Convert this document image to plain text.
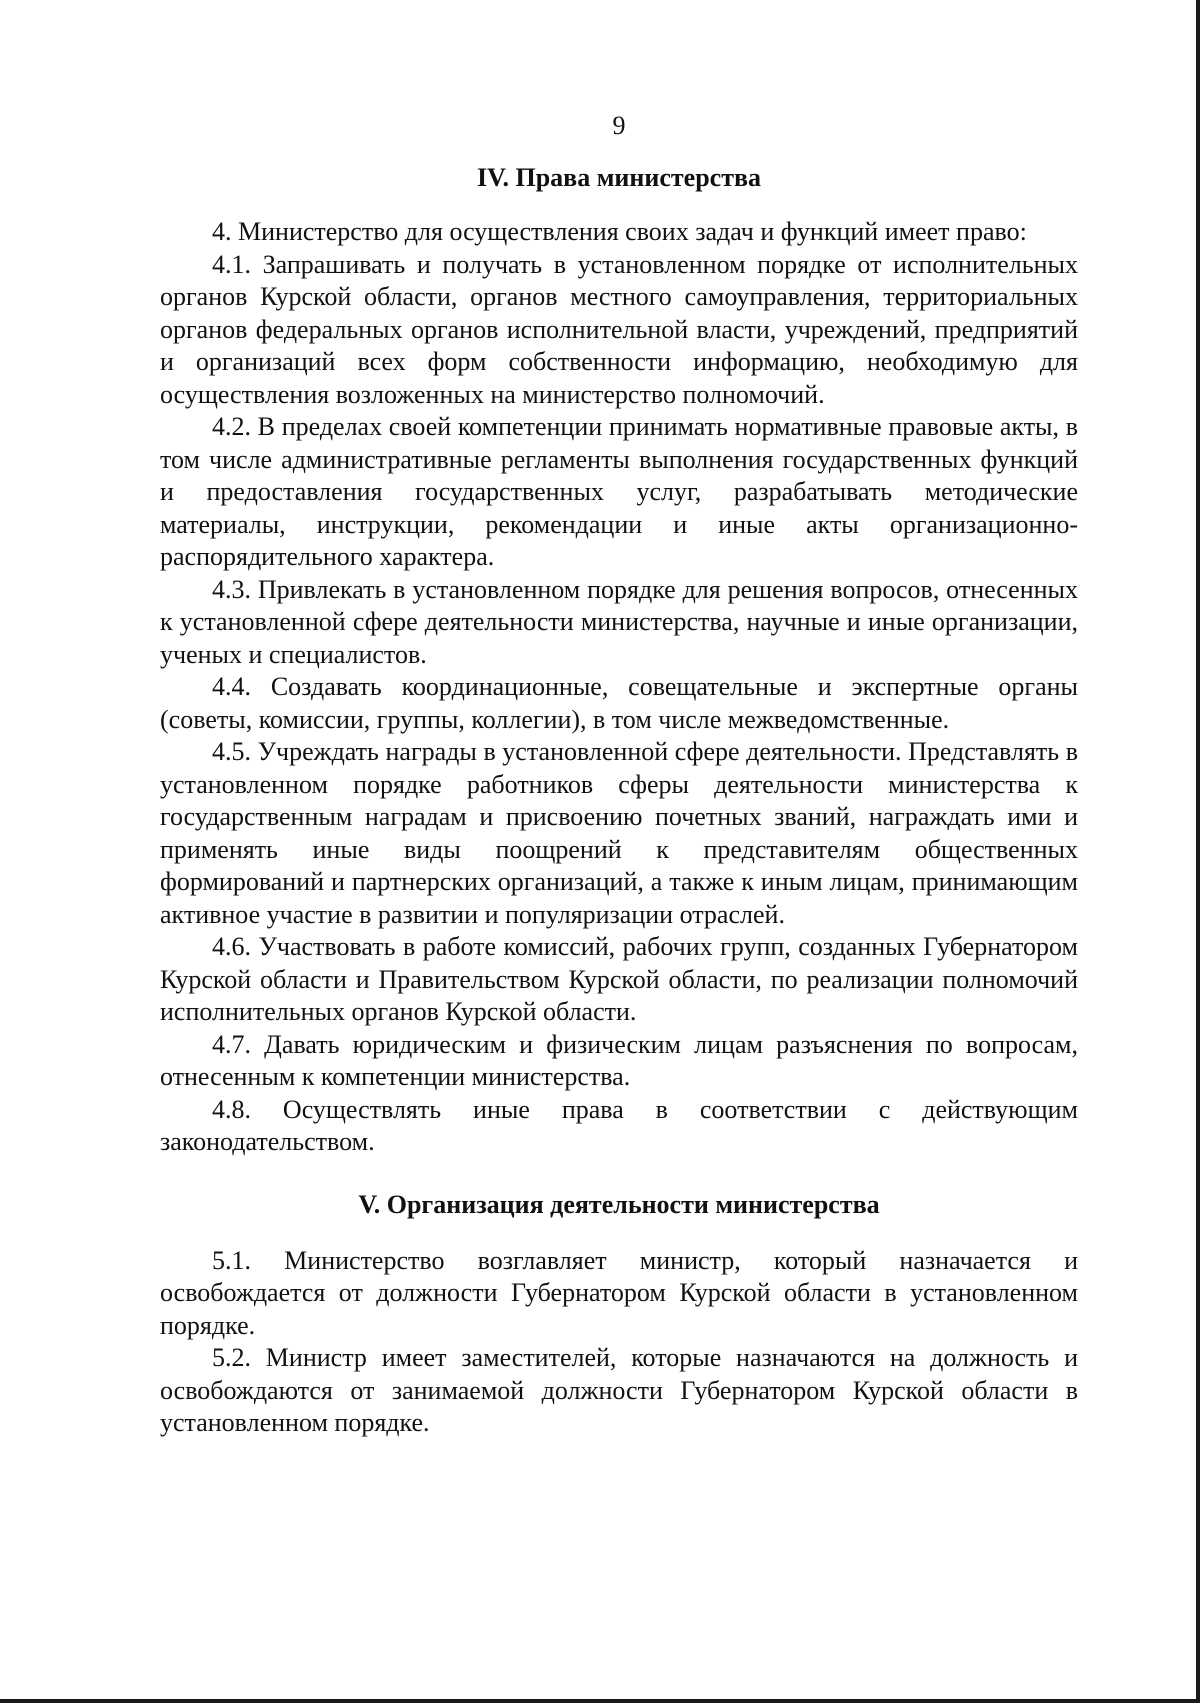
9
IV. Права министерства

4. Министерство для осуществления своих задач и функций имеет право:

4.1. Запрашивать и получать в установленном порядке от исполнительных органов Курской области, органов местного самоуправления, территориальных органов федеральных органов исполнительной власти, учреждений, предприятий и организаций всех форм собственности информацию, необходимую для осуществления возложенных на министерство полномочий.

4.2. В пределах своей компетенции принимать нормативные правовые акты, в том числе административные регламенты выполнения государственных функций и предоставления государственных услуг, разрабатывать методические материалы, инструкции, рекомендации и иные акты организационно-распорядительного характера.

4.3. Привлекать в установленном порядке для решения вопросов, отнесенных к установленной сфере деятельности министерства, научные и иные организации, ученых и специалистов.

4.4. Создавать координационные, совещательные и экспертные органы (советы, комиссии, группы, коллегии), в том числе межведомственные.

4.5. Учреждать награды в установленной сфере деятельности. Представлять в установленном порядке работников сферы деятельности министерства к государственным наградам и присвоению почетных званий, награждать ими и применять иные виды поощрений к представителям общественных формирований и партнерских организаций, а также к иным лицам, принимающим активное участие в развитии и популяризации отраслей.

4.6. Участвовать в работе комиссий, рабочих групп, созданных Губернатором Курской области и Правительством Курской области, по реализации полномочий исполнительных органов Курской области.

4.7. Давать юридическим и физическим лицам разъяснения по вопросам, отнесенным к компетенции министерства.

4.8. Осуществлять иные права в соответствии с действующим законодательством.

V. Организация деятельности министерства

5.1. Министерство возглавляет министр, который назначается и освобождается от должности Губернатором Курской области в установленном порядке.

5.2. Министр имеет заместителей, которые назначаются на должность и освобождаются от занимаемой должности Губернатором Курской области в установленном порядке.
